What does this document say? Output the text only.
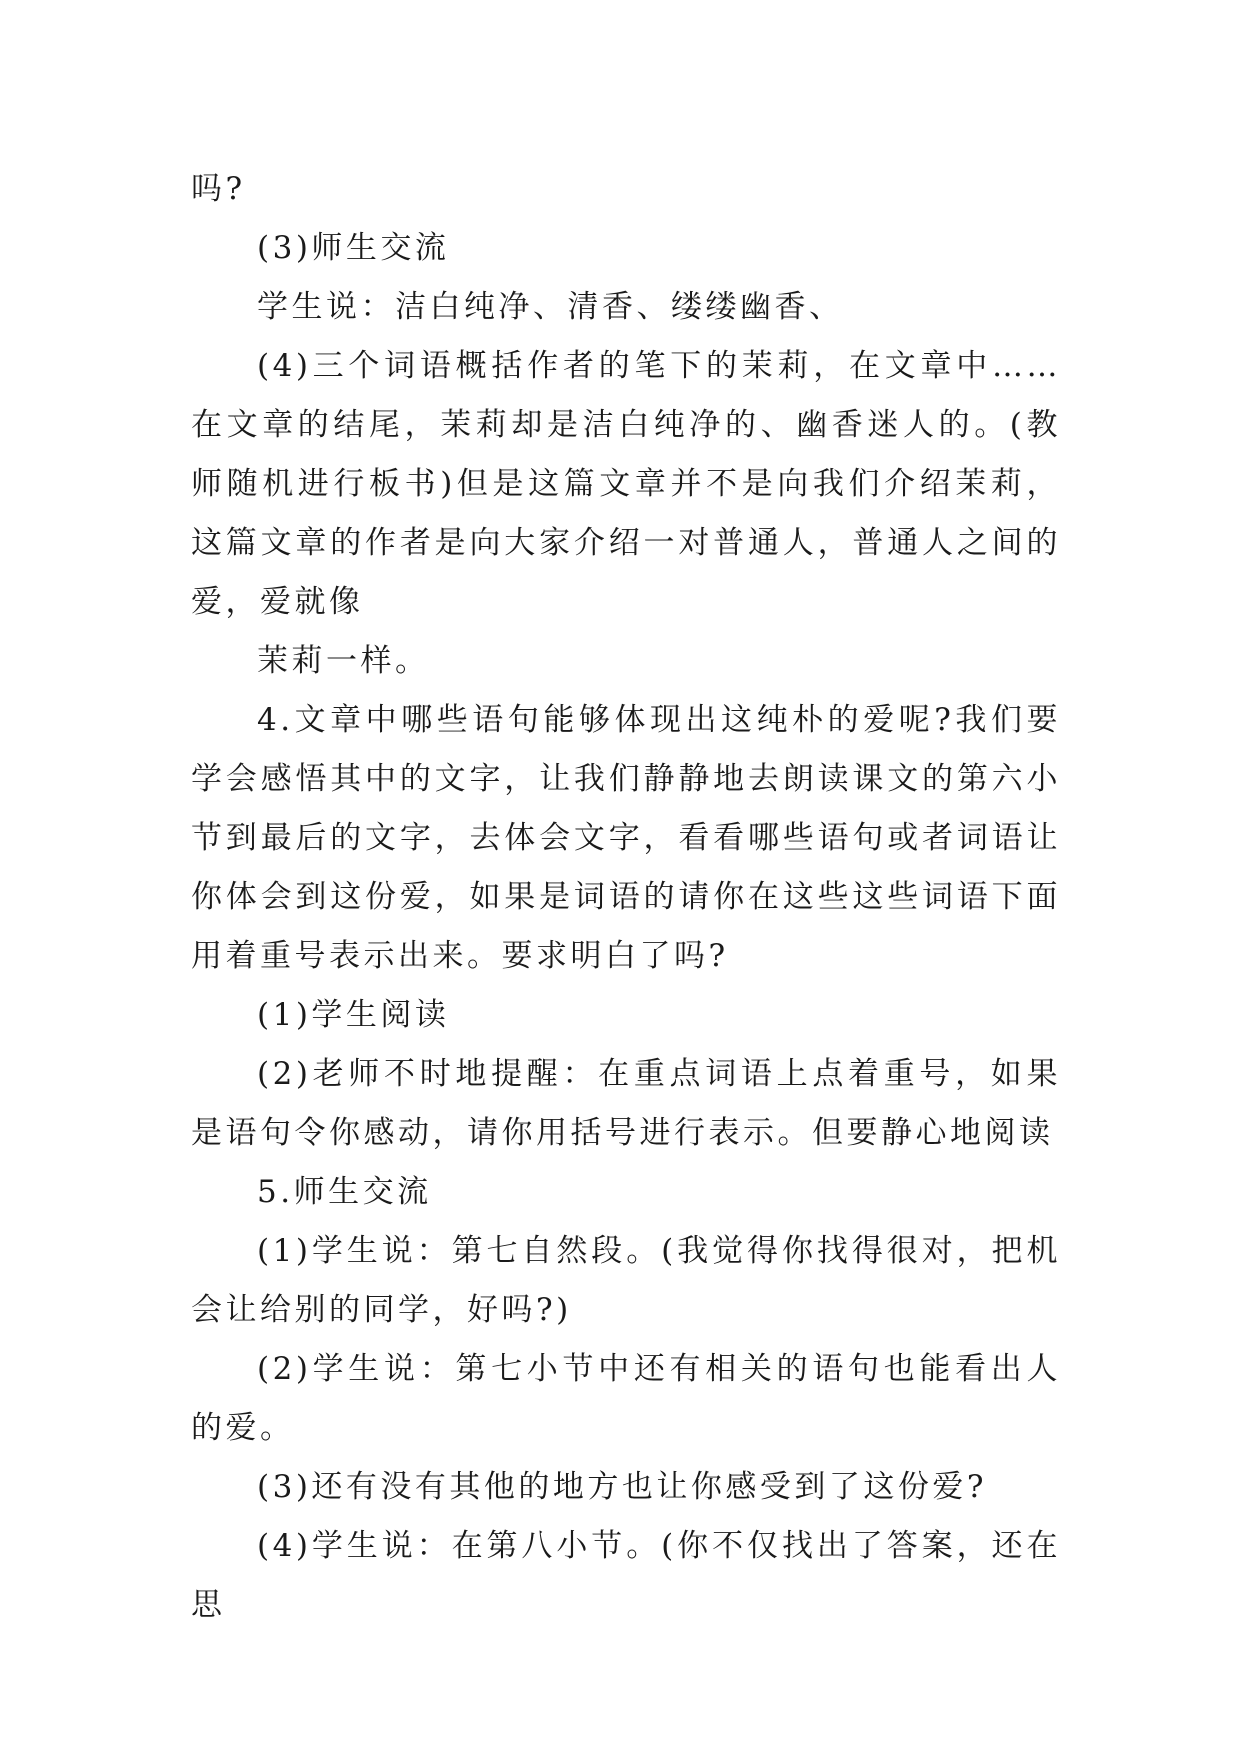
吗?

(3)师生交流

学生说：洁白纯净、清香、缕缕幽香、

(4)三个词语概括作者的笔下的茉莉，在文章中……在文章的结尾，茉莉却是洁白纯净的、幽香迷人的。(教师随机进行板书)但是这篇文章并不是向我们介绍茉莉，这篇文章的作者是向大家介绍一对普通人，普通人之间的爱，爱就像

茉莉一样。

4.文章中哪些语句能够体现出这纯朴的爱呢?我们要学会感悟其中的文字，让我们静静地去朗读课文的第六小节到最后的文字，去体会文字，看看哪些语句或者词语让你体会到这份爱，如果是词语的请你在这些这些词语下面用着重号表示出来。要求明白了吗?

(1)学生阅读

(2)老师不时地提醒：在重点词语上点着重号，如果是语句令你感动，请你用括号进行表示。但要静心地阅读

5.师生交流

(1)学生说：第七自然段。(我觉得你找得很对，把机会让给别的同学，好吗?)

(2)学生说：第七小节中还有相关的语句也能看出人的爱。

(3)还有没有其他的地方也让你感受到了这份爱?

(4)学生说：在第八小节。(你不仅找出了答案，还在思
